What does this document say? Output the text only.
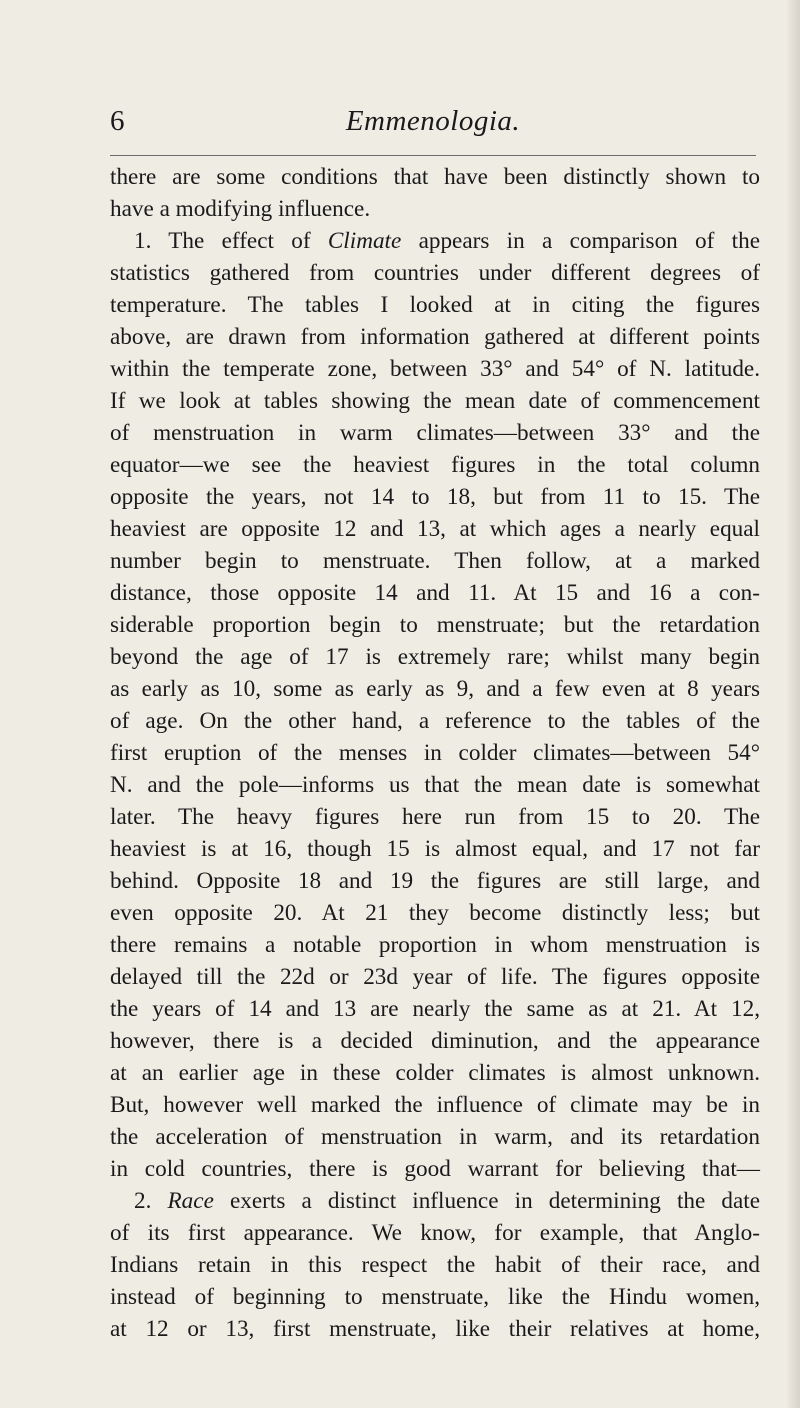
6	Emmenologia.
there are some conditions that have been distinctly shown to
have a modifying influence.
1. The effect of Climate appears in a comparison of the
statistics gathered from countries under different degrees of
temperature. The tables I looked at in citing the figures
above, are drawn from information gathered at different points
within the temperate zone, between 33° and 54° of N. latitude.
If we look at tables showing the mean date of commencement
of menstruation in warm climates—between 33° and the
equator—we see the heaviest figures in the total column
opposite the years, not 14 to 18, but from 11 to 15. The
heaviest are opposite 12 and 13, at which ages a nearly equal
number begin to menstruate. Then follow, at a marked
distance, those opposite 14 and 11. At 15 and 16 a con-
siderable proportion begin to menstruate; but the retardation
beyond the age of 17 is extremely rare; whilst many begin
as early as 10, some as early as 9, and a few even at 8 years
of age. On the other hand, a reference to the tables of the
first eruption of the menses in colder climates—between 54°
N. and the pole—informs us that the mean date is somewhat
later. The heavy figures here run from 15 to 20. The
heaviest is at 16, though 15 is almost equal, and 17 not far
behind. Opposite 18 and 19 the figures are still large, and
even opposite 20. At 21 they become distinctly less; but
there remains a notable proportion in whom menstruation is
delayed till the 22d or 23d year of life. The figures opposite
the years of 14 and 13 are nearly the same as at 21. At 12,
however, there is a decided diminution, and the appearance
at an earlier age in these colder climates is almost unknown.
But, however well marked the influence of climate may be in
the acceleration of menstruation in warm, and its retardation
in cold countries, there is good warrant for believing that—
2. Race exerts a distinct influence in determining the date
of its first appearance. We know, for example, that Anglo-
Indians retain in this respect the habit of their race, and
instead of beginning to menstruate, like the Hindu women,
at 12 or 13, first menstruate, like their relatives at home,
